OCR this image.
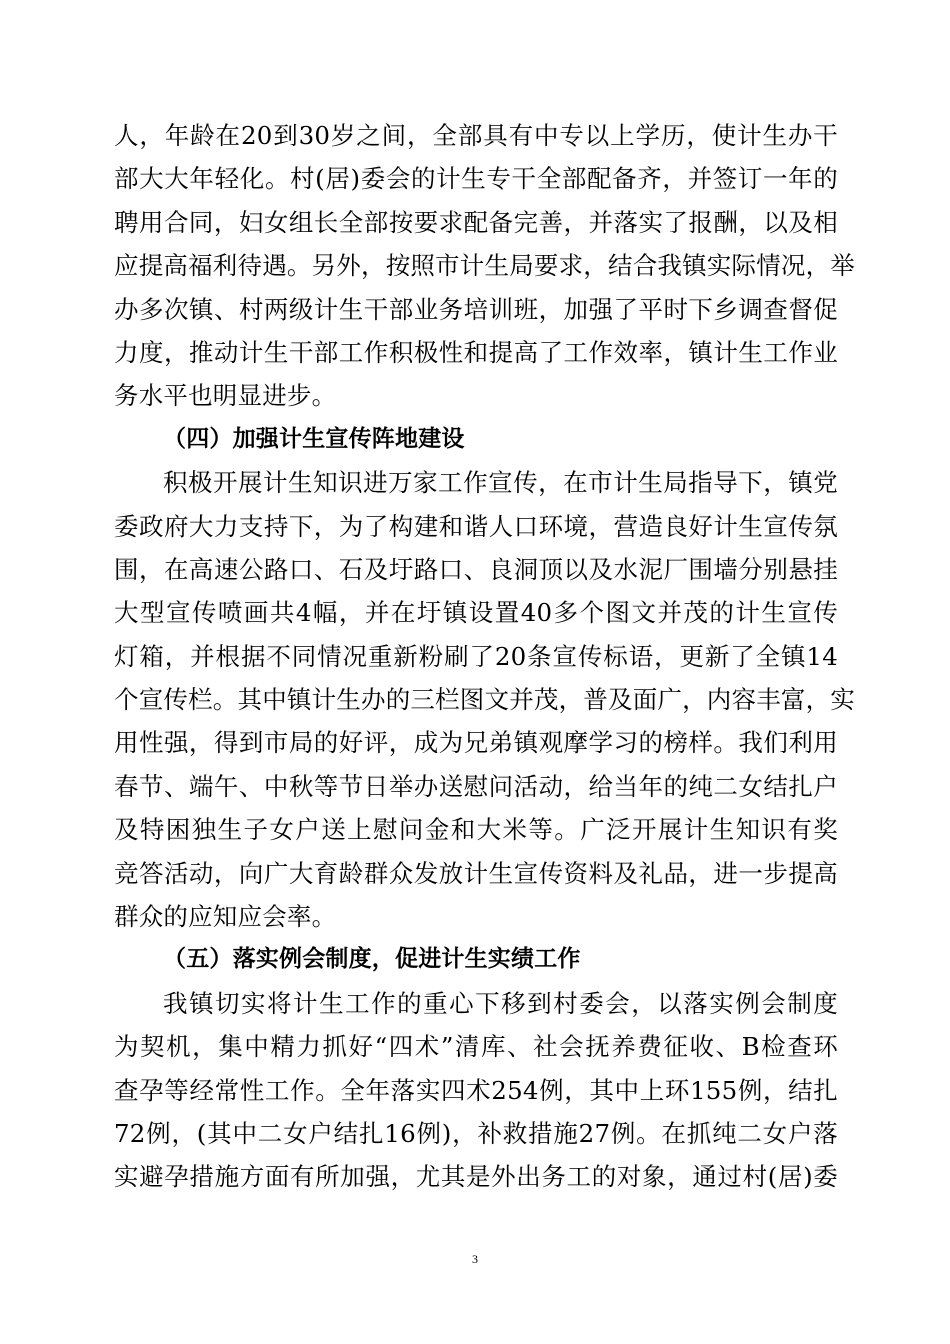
人，年龄在20到30岁之间，全部具有中专以上学历，使计生办干
部大大年轻化。村(居)委会的计生专干全部配备齐，并签订一年的
聘用合同，妇女组长全部按要求配备完善，并落实了报酬，以及相
应提高福利待遇。另外，按照市计生局要求，结合我镇实际情况，举
办多次镇、村两级计生干部业务培训班，加强了平时下乡调查督促
力度，推动计生干部工作积极性和提高了工作效率，镇计生工作业
务水平也明显进步。
（四）加强计生宣传阵地建设
积极开展计生知识进万家工作宣传，在市计生局指导下，镇党
委政府大力支持下，为了构建和谐人口环境，营造良好计生宣传氛
围，在高速公路口、石及圩路口、良洞顶以及水泥厂围墙分别悬挂
大型宣传喷画共4幅，并在圩镇设置40多个图文并茂的计生宣传
灯箱，并根据不同情况重新粉刷了20条宣传标语，更新了全镇14
个宣传栏。其中镇计生办的三栏图文并茂，普及面广，内容丰富，实
用性强，得到市局的好评，成为兄弟镇观摩学习的榜样。我们利用
春节、端午、中秋等节日举办送慰问活动，给当年的纯二女结扎户
及特困独生子女户送上慰问金和大米等。广泛开展计生知识有奖
竞答活动，向广大育龄群众发放计生宣传资料及礼品，进一步提高
群众的应知应会率。
（五）落实例会制度，促进计生实绩工作
我镇切实将计生工作的重心下移到村委会，以落实例会制度
为契机，集中精力抓好“四术”清库、社会抚养费征收、B检查环
查孕等经常性工作。全年落实四术254例，其中上环155例，结扎
72例，(其中二女户结扎16例)，补救措施27例。在抓纯二女户落
实避孕措施方面有所加强，尤其是外出务工的对象，通过村(居)委
3
